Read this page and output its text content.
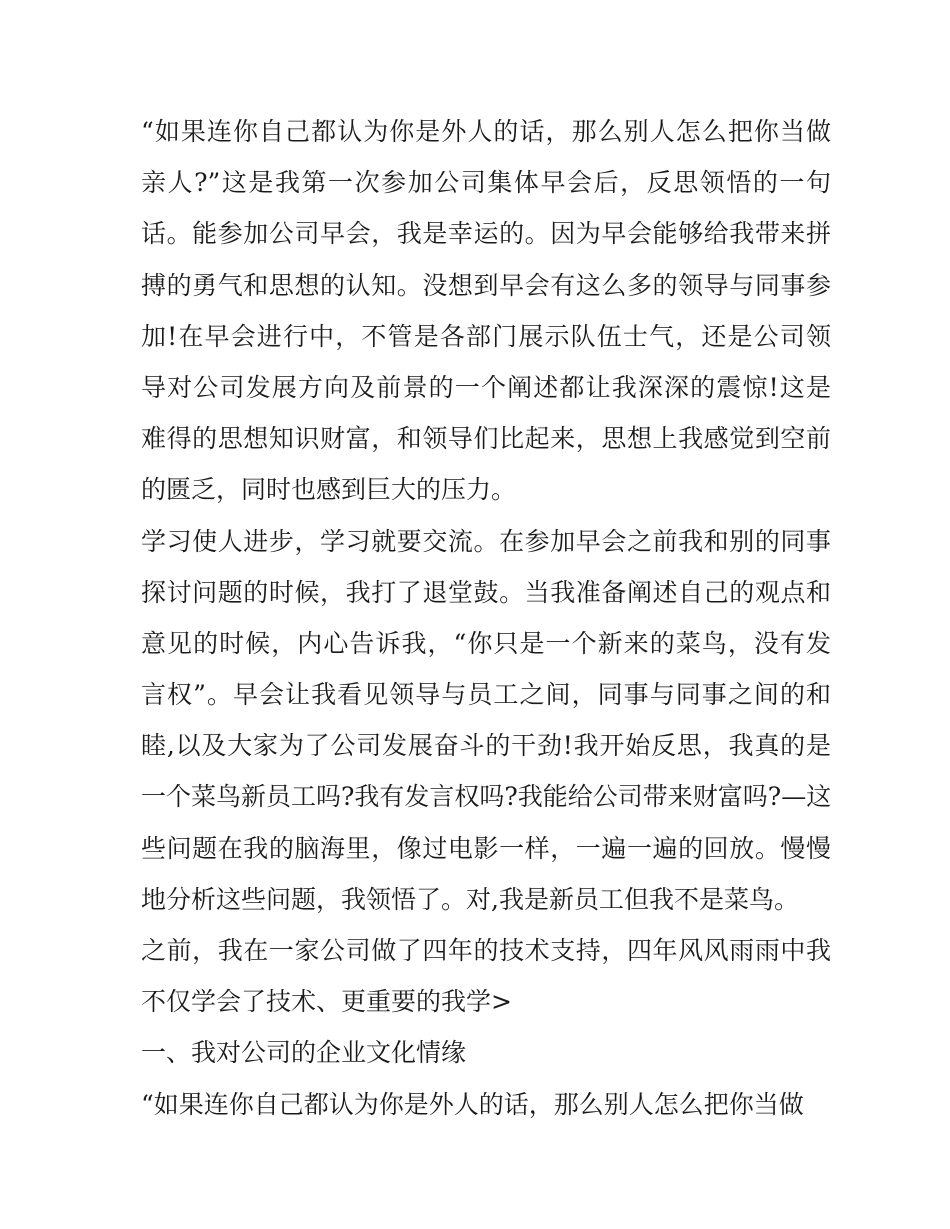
“如果连你自己都认为你是外人的话，那么别人怎么把你当做
亲人?”这是我第一次参加公司集体早会后，反思领悟的一句
话。能参加公司早会，我是幸运的。因为早会能够给我带来拼
搏的勇气和思想的认知。没想到早会有这么多的领导与同事参
加!在早会进行中，不管是各部门展示队伍士气，还是公司领
导对公司发展方向及前景的一个阐述都让我深深的震惊!这是
难得的思想知识财富，和领导们比起来，思想上我感觉到空前
的匮乏，同时也感到巨大的压力。
学习使人进步，学习就要交流。在参加早会之前我和别的同事
探讨问题的时候，我打了退堂鼓。当我准备阐述自己的观点和
意见的时候，内心告诉我，“你只是一个新来的菜鸟，没有发
言权”。早会让我看见领导与员工之间，同事与同事之间的和
睦,以及大家为了公司发展奋斗的干劲!我开始反思，我真的是
一个菜鸟新员工吗?我有发言权吗?我能给公司带来财富吗?—这
些问题在我的脑海里，像过电影一样，一遍一遍的回放。慢慢
地分析这些问题，我领悟了。对,我是新员工但我不是菜鸟。
之前，我在一家公司做了四年的技术支持，四年风风雨雨中我
不仅学会了技术、更重要的我学>
一、我对公司的企业文化情缘
“如果连你自己都认为你是外人的话，那么别人怎么把你当做
